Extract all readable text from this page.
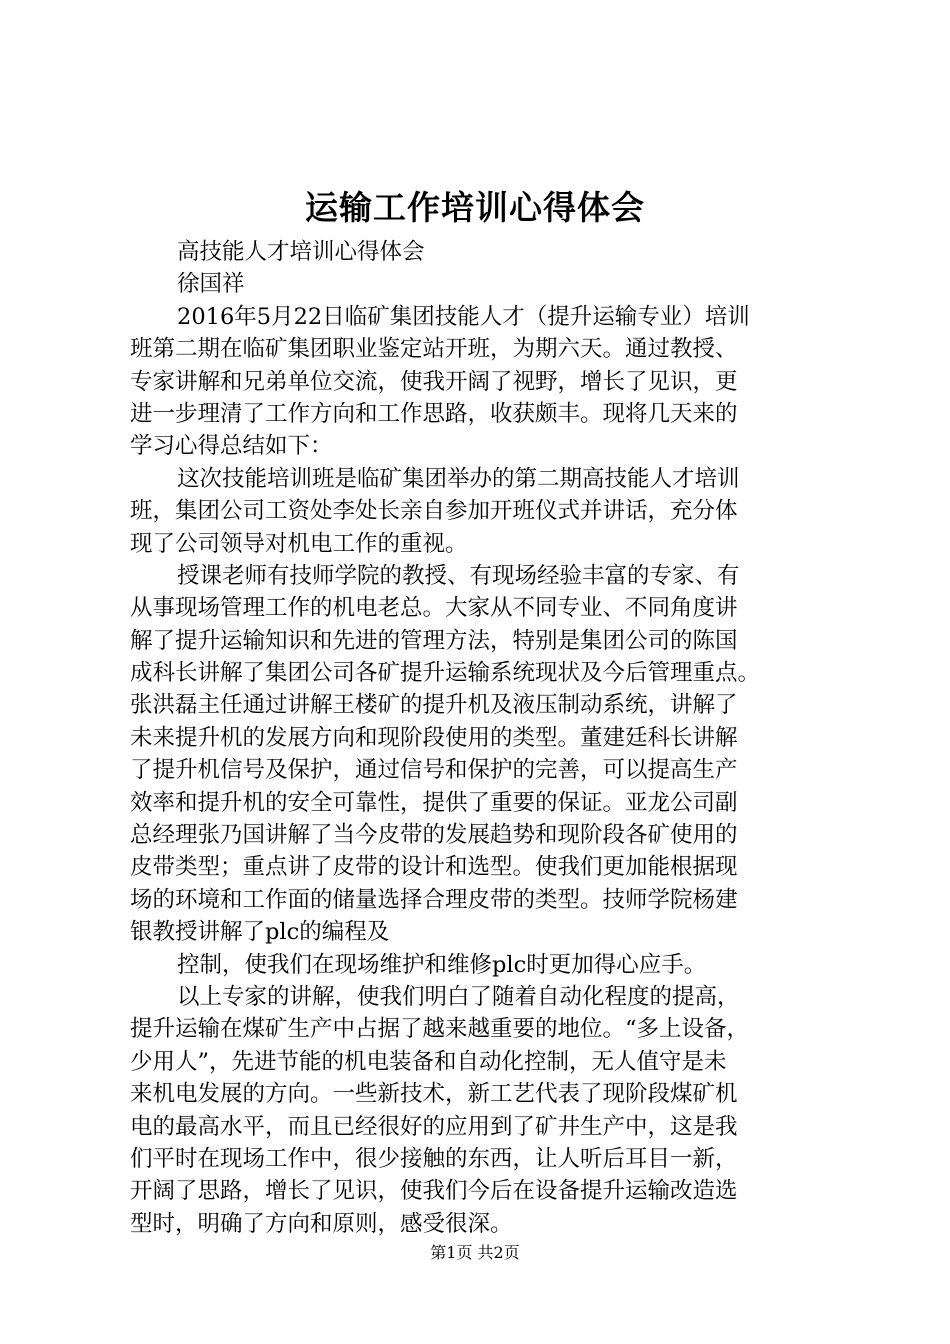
运输工作培训心得体会
高技能人才培训心得体会
徐国祥
2016年5月22日临矿集团技能人才（提升运输专业）培训
班第二期在临矿集团职业鉴定站开班，为期六天。通过教授、
专家讲解和兄弟单位交流，使我开阔了视野，增长了见识，更
进一步理清了工作方向和工作思路，收获颇丰。现将几天来的
学习心得总结如下：
这次技能培训班是临矿集团举办的第二期高技能人才培训
班，集团公司工资处李处长亲自参加开班仪式并讲话，充分体
现了公司领导对机电工作的重视。
授课老师有技师学院的教授、有现场经验丰富的专家、有
从事现场管理工作的机电老总。大家从不同专业、不同角度讲
解了提升运输知识和先进的管理方法，特别是集团公司的陈国
成科长讲解了集团公司各矿提升运输系统现状及今后管理重点。
张洪磊主任通过讲解王楼矿的提升机及液压制动系统，讲解了
未来提升机的发展方向和现阶段使用的类型。董建廷科长讲解
了提升机信号及保护，通过信号和保护的完善，可以提高生产
效率和提升机的安全可靠性，提供了重要的保证。亚龙公司副
总经理张乃国讲解了当今皮带的发展趋势和现阶段各矿使用的
皮带类型；重点讲了皮带的设计和选型。使我们更加能根据现
场的环境和工作面的储量选择合理皮带的类型。技师学院杨建
银教授讲解了plc的编程及
控制，使我们在现场维护和维修plc时更加得心应手。
以上专家的讲解，使我们明白了随着自动化程度的提高，
提升运输在煤矿生产中占据了越来越重要的地位。“多上设备，
少用人”，先进节能的机电装备和自动化控制，无人值守是未
来机电发展的方向。一些新技术，新工艺代表了现阶段煤矿机
电的最高水平，而且已经很好的应用到了矿井生产中，这是我
们平时在现场工作中，很少接触的东西，让人听后耳目一新，
开阔了思路，增长了见识，使我们今后在设备提升运输改造选
型时，明确了方向和原则，感受很深。
第1页 共2页
